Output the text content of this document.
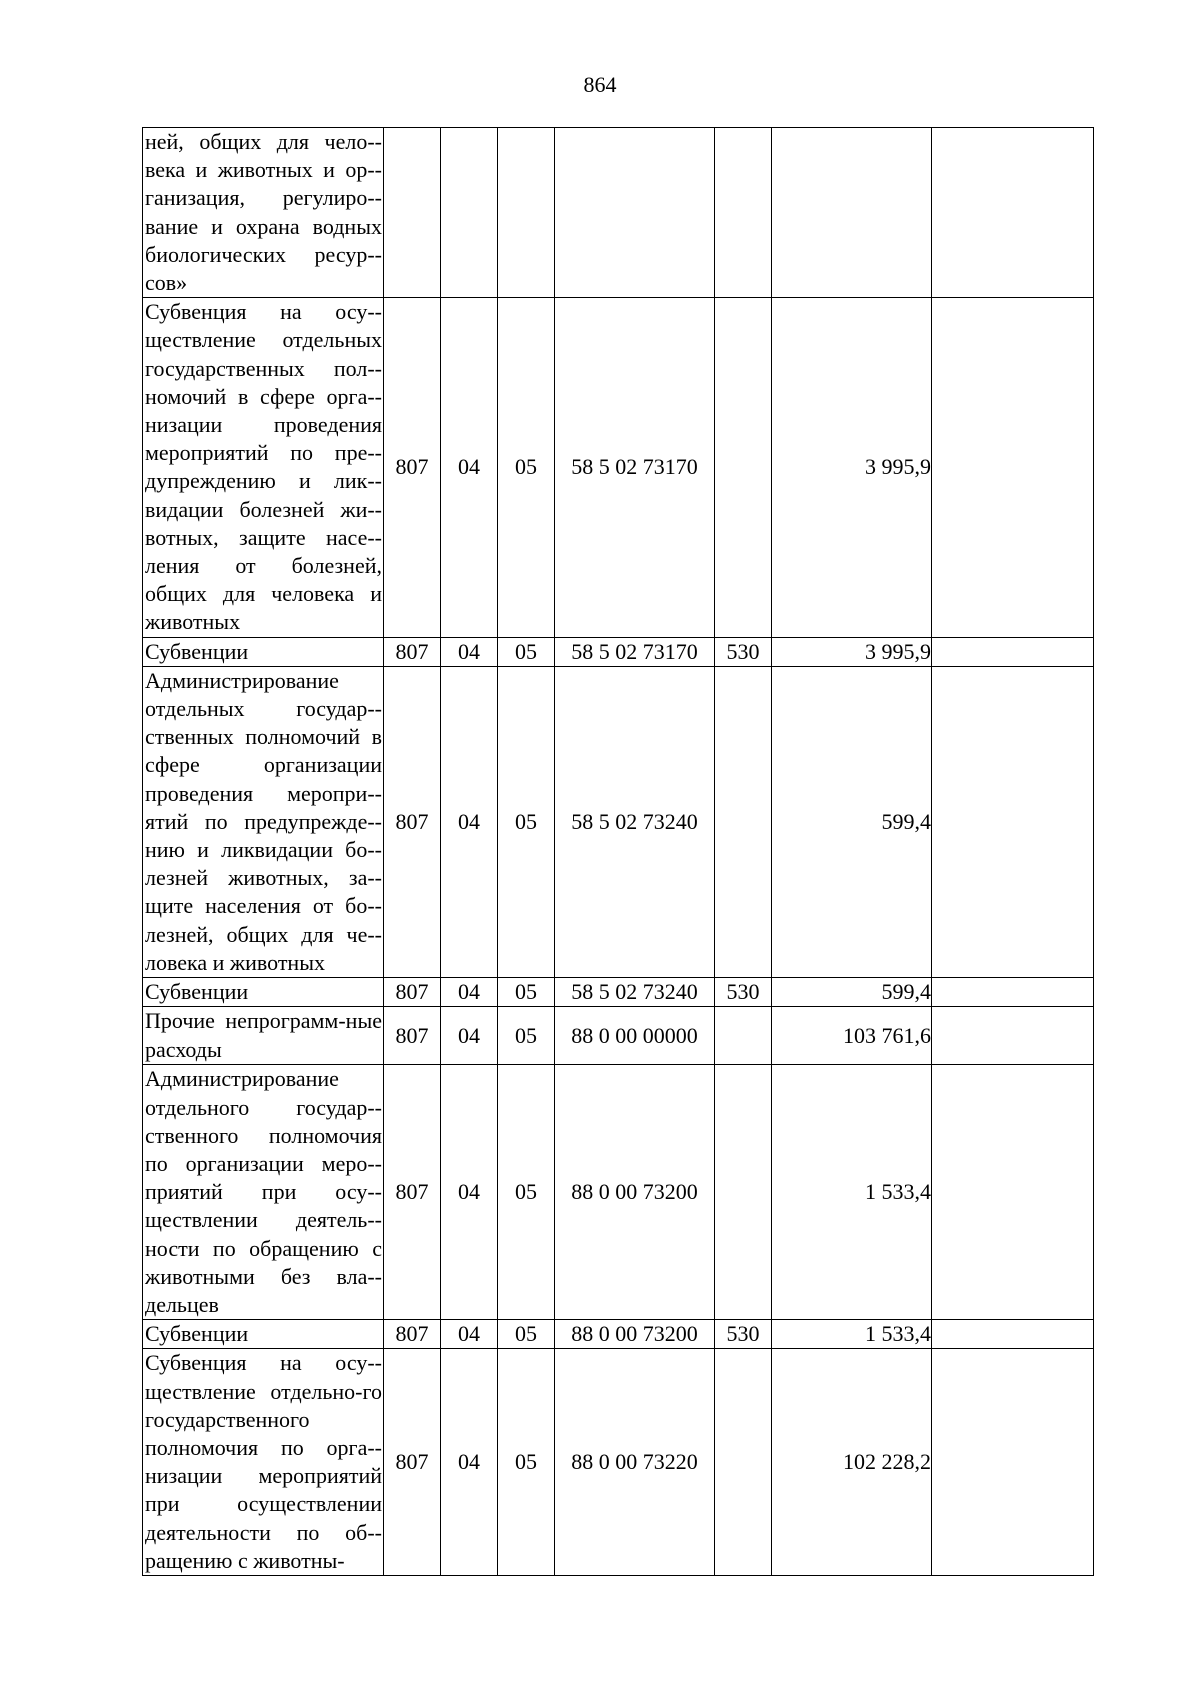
864
ней, общих для чело-века и животных и ор-ганизация, регулиро-вание и охрана водных биологических ресур-сов»							

Субвенция на осу-ществление отдельных государственных пол-номочий в сфере орга-низации проведения мероприятий по пре-дупреждению и лик-видации болезней жи-вотных, защите насе-ления от болезней, общих для человека и животных	807	04	05	58 5 02 73170		3 995,9	

Субвенции	807	04	05	58 5 02 73170	530	3 995,9	

Администрирование отдельных государ-ственных полномочий в сфере организации проведения меропри-ятий по предупрежде-нию и ликвидации бо-лезней животных, за-щите населения от бо-лезней, общих для че-ловека и животных	807	04	05	58 5 02 73240		599,4	

Субвенции	807	04	05	58 5 02 73240	530	599,4	

Прочие непрограмм-ные расходы	807	04	05	88 0 00 00000		103 761,6	

Администрирование отдельного государ-ственного полномочия по организации меро-приятий при осу-ществлении деятель-ности по обращению с животными без вла-дельцев	807	04	05	88 0 00 73200		1 533,4	

Субвенции	807	04	05	88 0 00 73200	530	1 533,4	

Субвенция на осу-ществление отдельно-го государственного полномочия по орга-низации мероприятий при осуществлении деятельности по об-ращению с животны-	807	04	05	88 0 00 73220		102 228,2	
